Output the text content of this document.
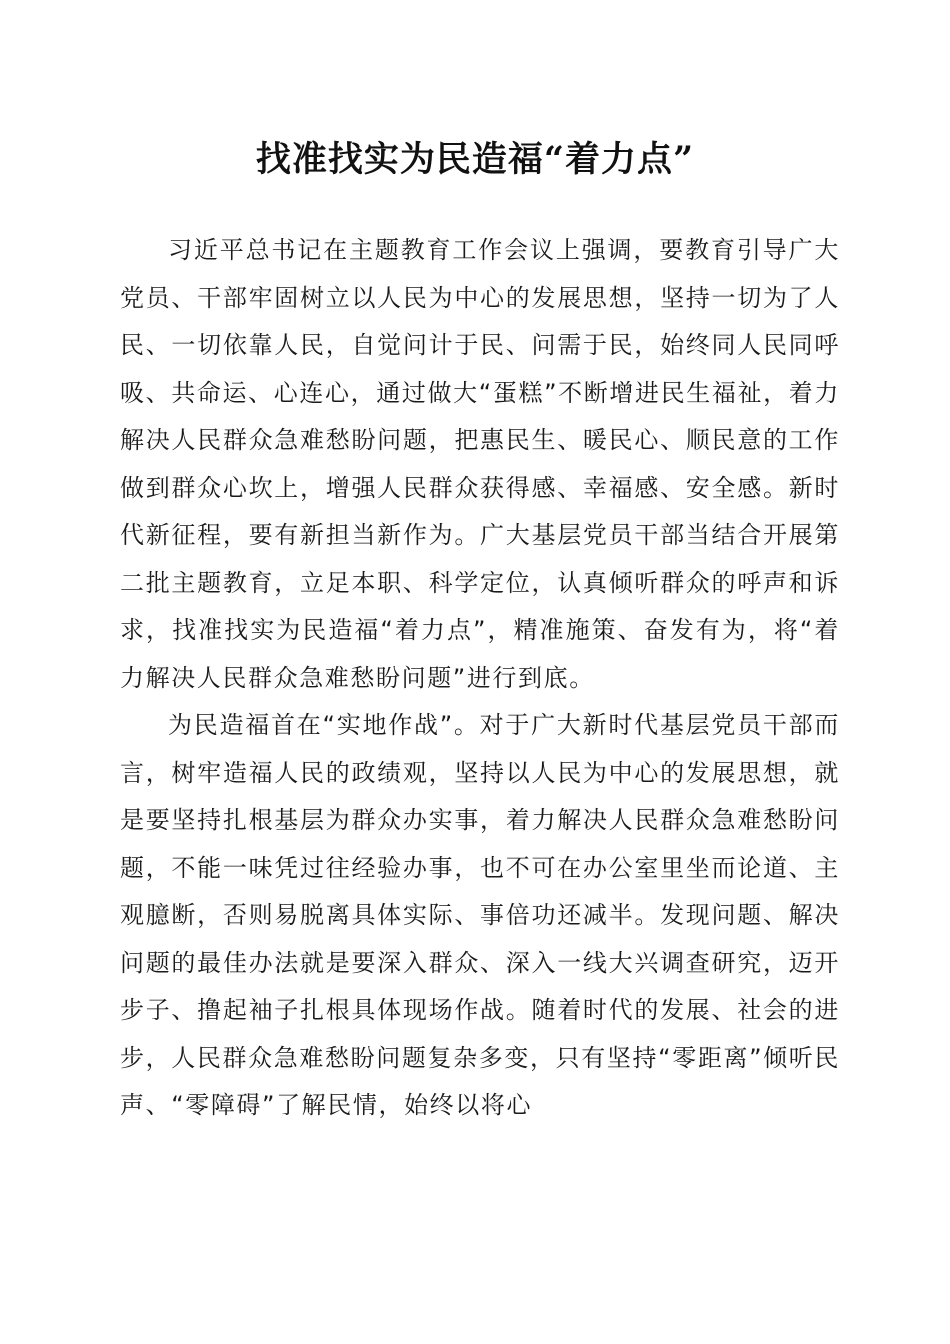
找准找实为民造福“着力点”

习近平总书记在主题教育工作会议上强调，要教育引导广大党员、干部牢固树立以人民为中心的发展思想，坚持一切为了人民、一切依靠人民，自觉问计于民、问需于民，始终同人民同呼吸、共命运、心连心，通过做大“蛋糕”不断增进民生福祉，着力解决人民群众急难愁盼问题，把惠民生、暖民心、顺民意的工作做到群众心坎上，增强人民群众获得感、幸福感、安全感。新时代新征程，要有新担当新作为。广大基层党员干部当结合开展第二批主题教育，立足本职、科学定位，认真倾听群众的呼声和诉求，找准找实为民造福“着力点”，精准施策、奋发有为，将“着力解决人民群众急难愁盼问题”进行到底。

为民造福首在“实地作战”。对于广大新时代基层党员干部而言，树牢造福人民的政绩观，坚持以人民为中心的发展思想，就是要坚持扎根基层为群众办实事，着力解决人民群众急难愁盼问题，不能一味凭过往经验办事，也不可在办公室里坐而论道、主观臆断，否则易脱离具体实际、事倍功还减半。发现问题、解决问题的最佳办法就是要深入群众、深入一线大兴调查研究，迈开步子、撸起袖子扎根具体现场作战。随着时代的发展、社会的进步，人民群众急难愁盼问题复杂多变，只有坚持“零距离”倾听民声、“零障碍”了解民情，始终以将心
